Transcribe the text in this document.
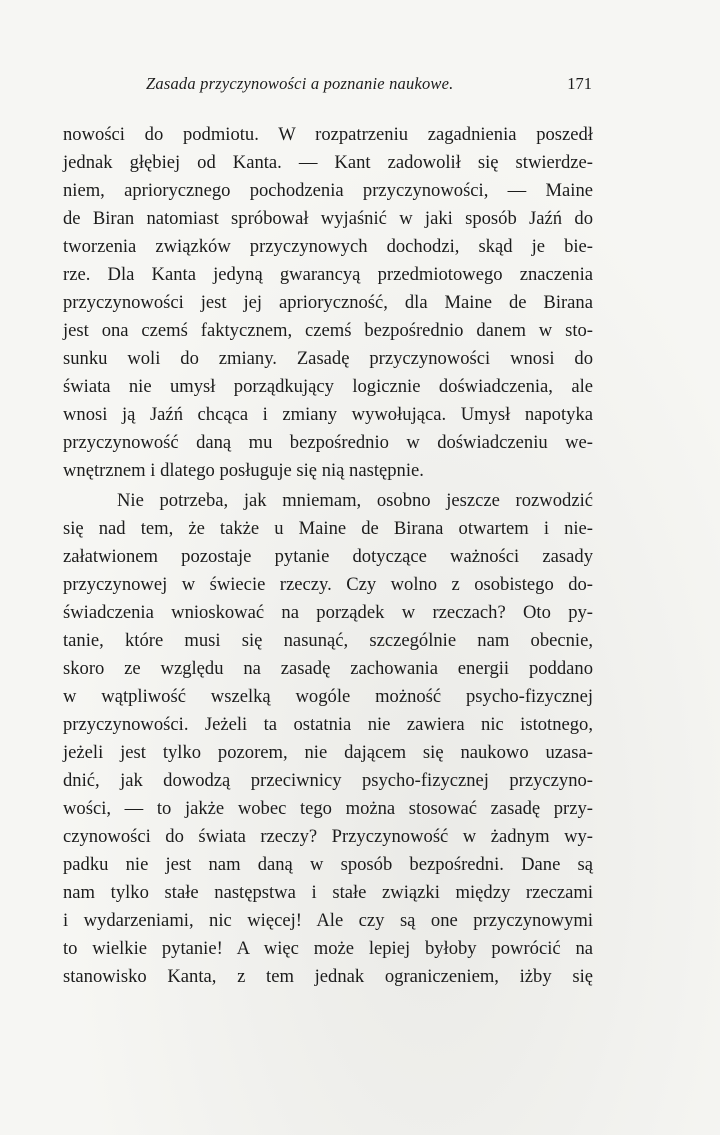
Zasada przyczynowości a poznanie naukowe.	171
nowości do podmiotu. W rozpatrzeniu zagadnienia poszedł
jednak głębiej od Kanta. — Kant zadowolił się stwierdze-
niem, apriorycznego pochodzenia przyczynowości, — Maine
de Biran natomiast spróbował wyjaśnić w jaki sposób Jaźń do
tworzenia związków przyczynowych dochodzi, skąd je bie-
rze. Dla Kanta jedyną gwarancyą przedmiotowego znaczenia
przyczynowości jest jej aprioryczność, dla Maine de Birana
jest ona czemś faktycznem, czemś bezpośrednio danem w sto-
sunku woli do zmiany. Zasadę przyczynowości wnosi do
świata nie umysł porządkujący logicznie doświadczenia, ale
wnosi ją Jaźń chcąca i zmiany wywołująca. Umysł napotyka
przyczynowość daną mu bezpośrednio w doświadczeniu we-
wnętrznem i dlatego posługuje się nią następnie.
Nie potrzeba, jak mniemam, osobno jeszcze rozwodzić
się nad tem, że także u Maine de Birana otwartem i nie-
załatwionem pozostaje pytanie dotyczące ważności zasady
przyczynowej w świecie rzeczy. Czy wolno z osobistego do-
świadczenia wnioskować na porządek w rzeczach? Oto py-
tanie, które musi się nasunąć, szczególnie nam obecnie,
skoro ze względu na zasadę zachowania energii poddano
w wątpliwość wszelką wogóle możność psycho-fizycznej
przyczynowości. Jeżeli ta ostatnia nie zawiera nic istotnego,
jeżeli jest tylko pozorem, nie dającem się naukowo uzasa-
dnić, jak dowodzą przeciwnicy psycho-fizycznej przyczyno-
wości, — to jakże wobec tego można stosować zasadę przy-
czynowości do świata rzeczy? Przyczynowość w żadnym wy-
padku nie jest nam daną w sposób bezpośredni. Dane są
nam tylko stałe następstwa i stałe związki między rzeczami
i wydarzeniami, nic więcej! Ale czy są one przyczynowymi
to wielkie pytanie! A więc może lepiej byłoby powrócić na
stanowisko Kanta, z tem jednak ograniczeniem, iżby się
